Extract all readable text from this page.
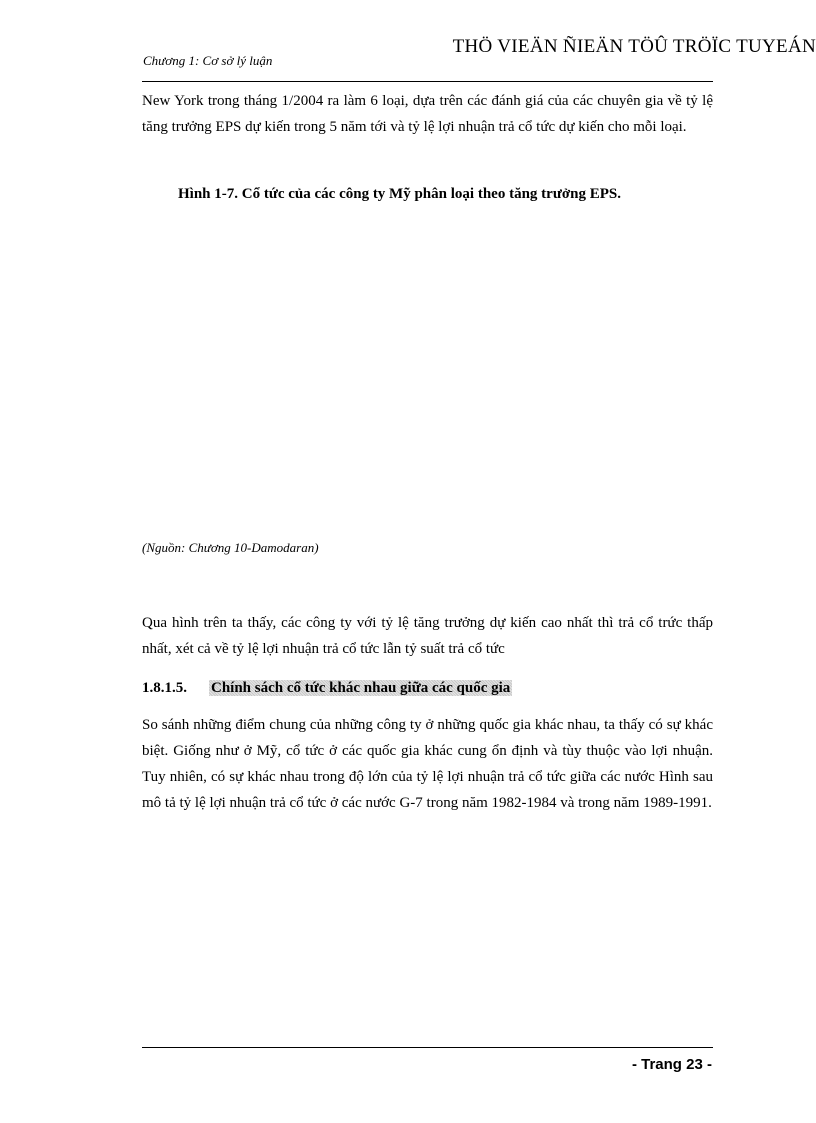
THÖ VIEÄN ÑIEÄN TÖÛ TRÖÏC TUYEÁN
Chương 1: Cơ sở lý luận

New York trong tháng 1/2004 ra làm 6 loại, dựa trên các đánh giá của các chuyên gia về tỷ lệ tăng trưởng EPS dự kiến trong 5 năm tới và tỷ lệ lợi nhuận trả cổ tức dự kiến cho mỗi loại.

Hình 1-7. Cổ tức của các công ty Mỹ phân loại theo tăng trưởng EPS.
(Nguồn: Chương 10-Damodaran)

Qua hình trên ta thấy, các công ty với tỷ lệ tăng trưởng dự kiến cao nhất thì trả cổ trức thấp nhất, xét cả về tỷ lệ lợi nhuận trả cổ tức lẫn tỷ suất trả cổ tức

1.8.1.5. Chính sách cổ tức khác nhau giữa các quốc gia

So sánh những điểm chung của những công ty ở những quốc gia khác nhau, ta thấy có sự khác biệt. Giống như ở Mỹ, cổ tức ở các quốc gia khác cung ổn định và tùy thuộc vào lợi nhuận. Tuy nhiên, có sự khác nhau trong độ lớn của tỷ lệ lợi nhuận trả cổ tức giữa các nước Hình sau mô tả tỷ lệ lợi nhuận trả cổ tức ở các nước G-7 trong năm 1982-1984 và trong năm 1989-1991.

- Trang 23 -
